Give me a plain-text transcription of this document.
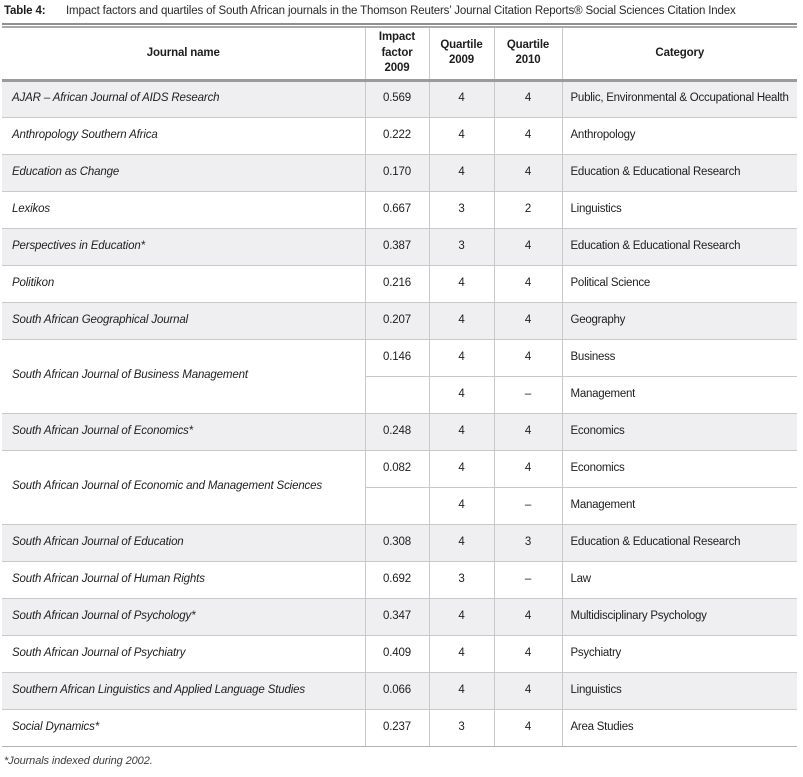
Table 4:	Impact factors and quartiles of South African journals in the Thomson Reuters’ Journal Citation Reports® Social Sciences Citation Index
Journal name	Impact factor 2009	Quartile 2009	Quartile 2010	Category
AJAR – African Journal of AIDS Research	0.569	4	4	Public, Environmental & Occupational Health
Anthropology Southern Africa	0.222	4	4	Anthropology
Education as Change	0.170	4	4	Education & Educational Research
Lexikos	0.667	3	2	Linguistics
Perspectives in Education*	0.387	3	4	Education & Educational Research
Politikon	0.216	4	4	Political Science
South African Geographical Journal	0.207	4	4	Geography
South African Journal of Business Management	0.146	4	4	Business
		4	–	Management
South African Journal of Economics*	0.248	4	4	Economics
South African Journal of Economic and Management Sciences	0.082	4	4	Economics
		4	–	Management
South African Journal of Education	0.308	4	3	Education & Educational Research
South African Journal of Human Rights	0.692	3	–	Law
South African Journal of Psychology*	0.347	4	4	Multidisciplinary Psychology
South African Journal of Psychiatry	0.409	4	4	Psychiatry
Southern African Linguistics and Applied Language Studies	0.066	4	4	Linguistics
Social Dynamics*	0.237	3	4	Area Studies
*Journals indexed during 2002.
